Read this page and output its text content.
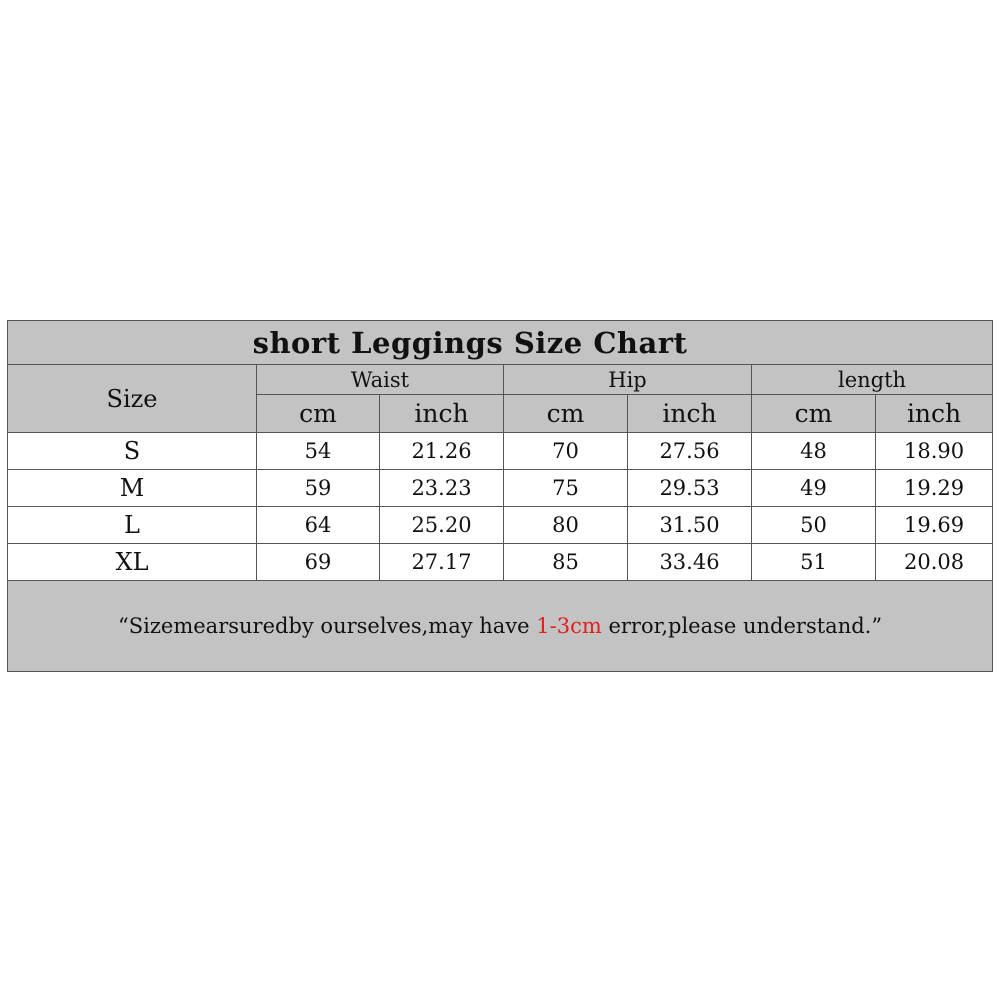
short Leggings Size Chart						
Size	Waist		Hip		length	
	cm	inch	cm	inch	cm	inch
S	54	21.26	70	27.56	48	18.90
M	59	23.23	75	29.53	49	19.29
L	64	25.20	80	31.50	50	19.69
XL	69	27.17	85	33.46	51	20.08
“Sizemearsuredby ourselves,may have 1-3cm error,please understand.”						
